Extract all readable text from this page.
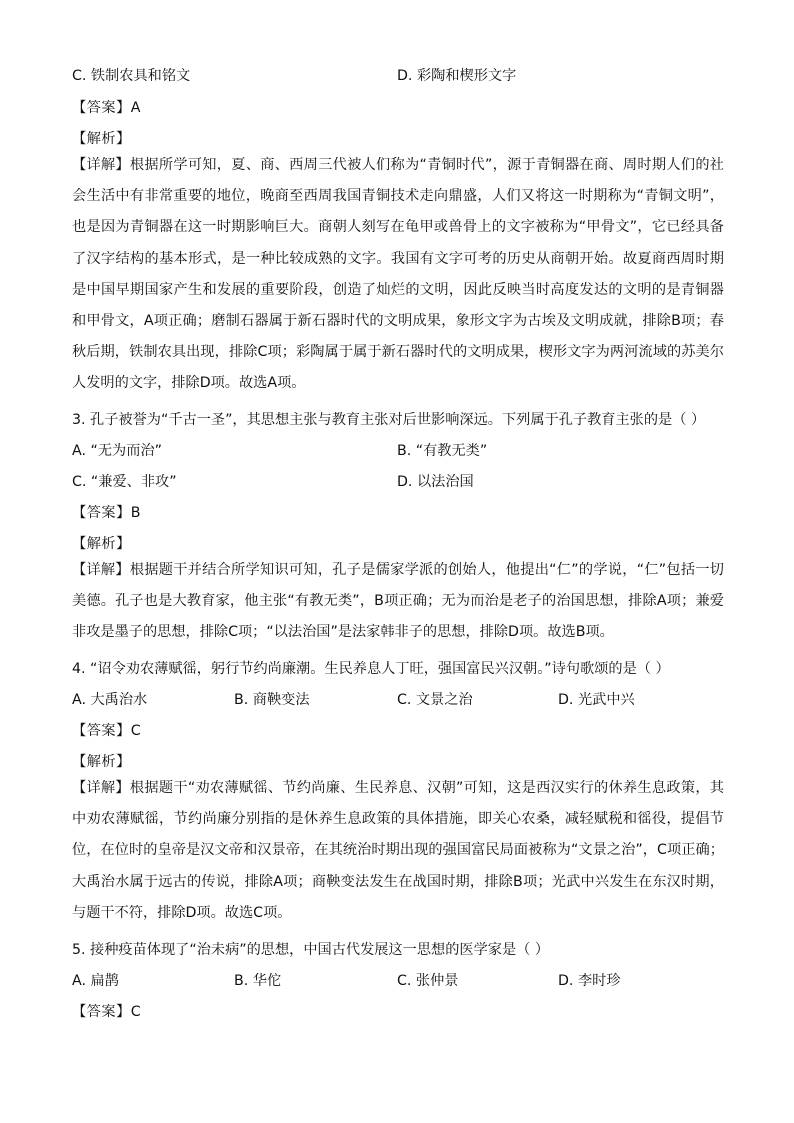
C. 铁制农具和铭文	D. 彩陶和楔形文字
【答案】A
【解析】

【详解】根据所学可知，夏、商、西周三代被人们称为“青铜时代”，源于青铜器在商、周时期人们的社会生活中有非常重要的地位，晚商至西周我国青铜技术走向鼎盛，人们又将这一时期称为“青铜文明”，也是因为青铜器在这一时期影响巨大。商朝人刻写在龟甲或兽骨上的文字被称为“甲骨文”，它已经具备了汉字结构的基本形式，是一种比较成熟的文字。我国有文字可考的历史从商朝开始。故夏商西周时期是中国早期国家产生和发展的重要阶段，创造了灿烂的文明，因此反映当时高度发达的文明的是青铜器和甲骨文，A项正确；磨制石器属于新石器时代的文明成果，象形文字为古埃及文明成就，排除B项；春秋后期，铁制农具出现，排除C项；彩陶属于属于新石器时代的文明成果，楔形文字为两河流域的苏美尔人发明的文字，排除D项。故选A项。

3. 孔子被誉为“千古一圣”，其思想主张与教育主张对后世影响深远。下列属于孔子教育主张的是（ ）
A. “无为而治”	B. “有教无类”
C. “兼爱、非攻”	D. 以法治国
【答案】B
【解析】

【详解】根据题干并结合所学知识可知，孔子是儒家学派的创始人，他提出“仁”的学说，“仁”包括一切美德。孔子也是大教育家，他主张“有教无类”，B项正确；无为而治是老子的治国思想，排除A项；兼爱非攻是墨子的思想，排除C项；“以法治国”是法家韩非子的思想，排除D项。故选B项。

4. “诏令劝农薄赋徭，躬行节约尚廉潮。生民养息人丁旺，强国富民兴汉朝。”诗句歌颂的是（ ）
A. 大禹治水	B. 商鞅变法	C. 文景之治	D. 光武中兴
【答案】C
【解析】

【详解】根据题干“劝农薄赋徭、节约尚廉、生民养息、汉朝”可知，这是西汉实行的休养生息政策，其中劝农薄赋徭，节约尚廉分别指的是休养生息政策的具体措施，即关心农桑，减轻赋税和徭役，提倡节位，在位时的皇帝是汉文帝和汉景帝，在其统治时期出现的强国富民局面被称为“文景之治”，C项正确；大禹治水属于远古的传说，排除A项；商鞅变法发生在战国时期，排除B项；光武中兴发生在东汉时期，与题干不符，排除D项。故选C项。

5. 接种疫苗体现了“治未病”的思想，中国古代发展这一思想的医学家是（ ）
A. 扁鹊	B. 华佗	C. 张仲景	D. 李时珍
【答案】C
